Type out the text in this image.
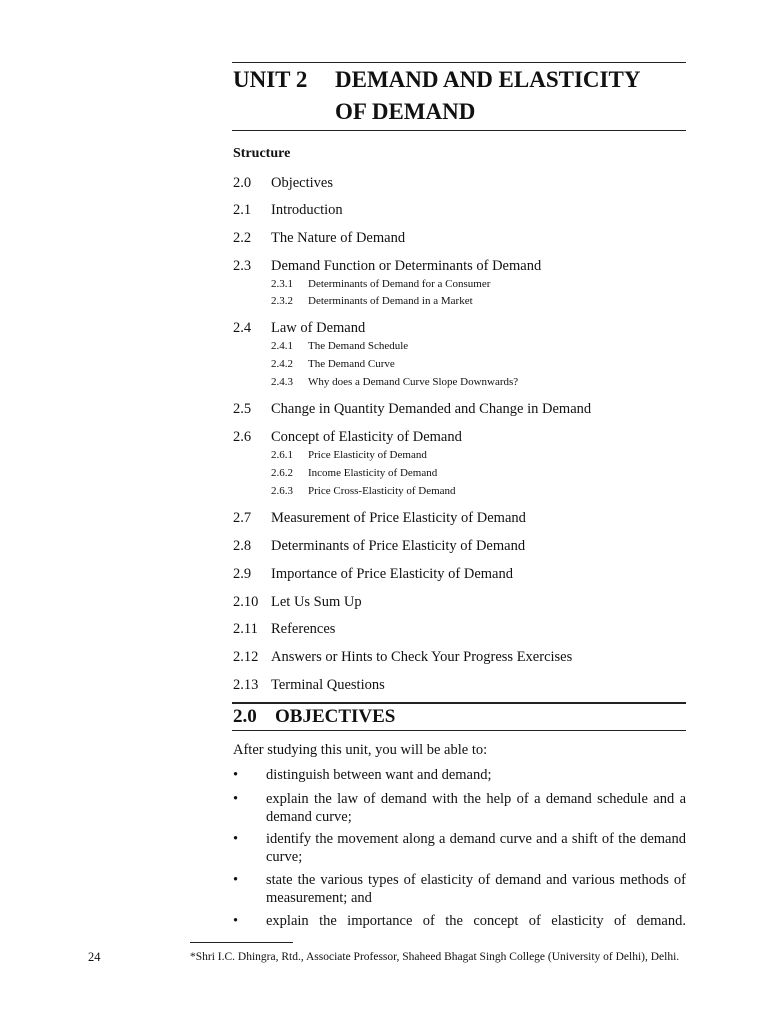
UNIT 2 DEMAND AND ELASTICITY
OF DEMAND
Structure
2.0 Objectives
2.1 Introduction
2.2 The Nature of Demand
2.3 Demand Function or Determinants of Demand
2.3.1 Determinants of Demand for a Consumer
2.3.2 Determinants of Demand in a Market
2.4 Law of Demand
2.4.1 The Demand Schedule
2.4.2 The Demand Curve
2.4.3 Why does a Demand Curve Slope Downwards?
2.5 Change in Quantity Demanded and Change in Demand
2.6 Concept of Elasticity of Demand
2.6.1 Price Elasticity of Demand
2.6.2 Income Elasticity of Demand
2.6.3 Price Cross-Elasticity of Demand
2.7 Measurement of Price Elasticity of Demand
2.8 Determinants of Price Elasticity of Demand
2.9 Importance of Price Elasticity of Demand
2.10 Let Us Sum Up
2.11 References
2.12 Answers or Hints to Check Your Progress Exercises
2.13 Terminal Questions
2.0 OBJECTIVES
After studying this unit, you will be able to:
•	distinguish between want and demand;
•	explain the law of demand with the help of a demand schedule and a demand curve;
•	identify the movement along a demand curve and a shift of the demand curve;
•	state the various types of elasticity of demand and various methods of measurement; and
•	explain the importance of the concept of elasticity of demand.
24	*Shri I.C. Dhingra, Rtd., Associate Professor, Shaheed Bhagat Singh College (University of Delhi), Delhi.
